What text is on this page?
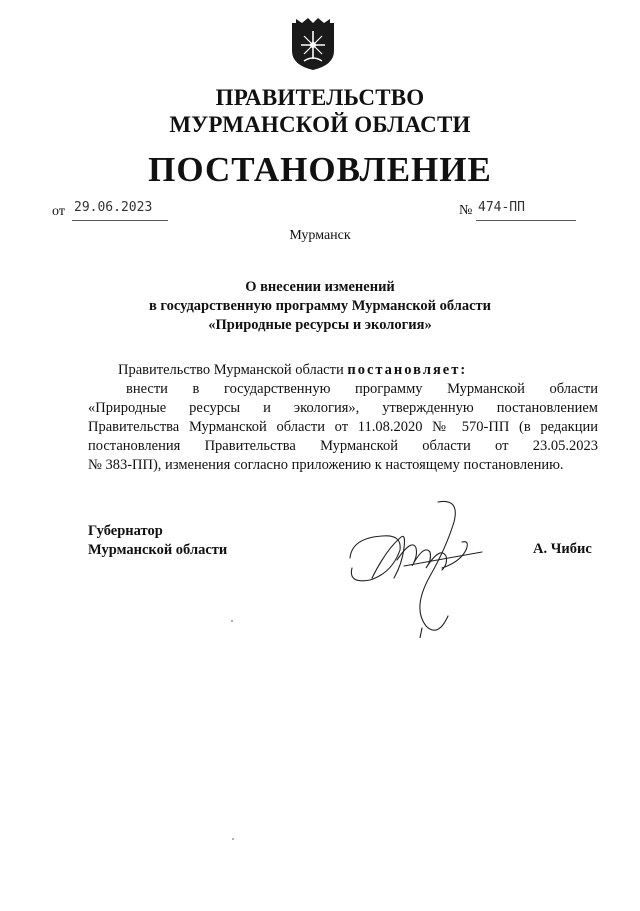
ПРАВИТЕЛЬСТВО
МУРМАНСКОЙ ОБЛАСТИ
ПОСТАНОВЛЕНИЕ
от 29.06.2023	№ 474-ПП
Мурманск
О внесении изменений
в государственную программу Мурманской области
«Природные ресурсы и экология»

Правительство Мурманской области постановляет:

внести в государственную программу Мурманской области

«Природные ресурсы и экология», утвержденную постановлением

Правительства Мурманской области от 11.08.2020 № 570-ПП (в редакции

постановления Правительства Мурманской области от 23.05.2023

№ 383-ПП), изменения согласно приложению к настоящему постановлению.

Губернатор
Мурманской области	А. Чибис
